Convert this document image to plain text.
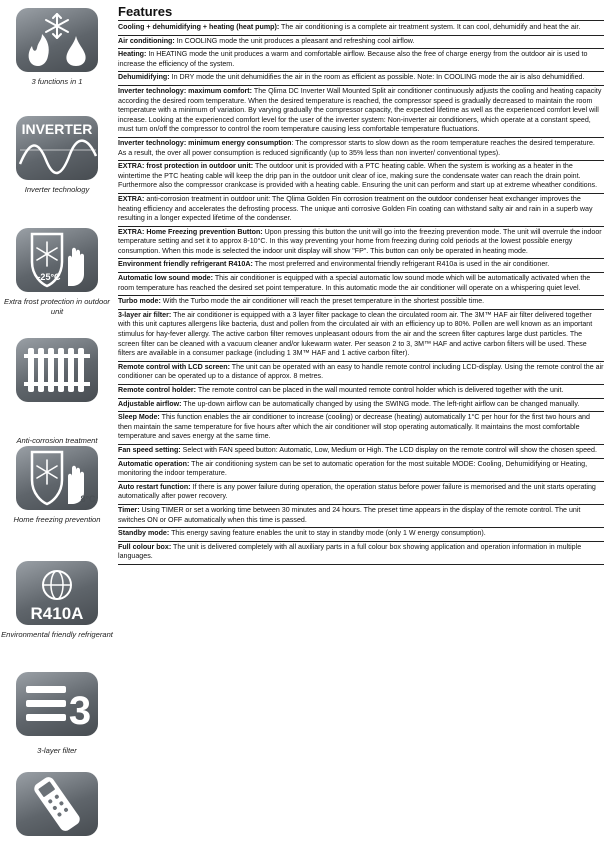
3 functions in 1
INVERTER
Inverter technology
-25°C
Extra frost protection in outdoor unit
Anti-corrosion treatment
8°C
Home freezing prevention
R410A
Environmental friendly refrigerant
3
3-layer filter
Features
Cooling + dehumidifying + heating (heat pump): The air conditioning is a complete air treatment system. It can cool, dehumidify and heat the air.
Air conditioning: In COOLING mode the unit produces a pleasant and refreshing cool airflow.
Heating: In HEATING mode the unit produces a warm and comfortable airflow. Because also the free of charge energy from the outdoor air is used to increase the efficiency of the system.
Dehumidifying: In DRY mode the unit dehumidifies the air in the room as efficient as possible. Note: In COOLING mode the air is also dehumidified.
Inverter technology: maximum comfort: The Qlima DC Inverter Wall Mounted Split air conditioner continuously adjusts the cooling and heating capacity according the desired room temperature. When the desired temperature is reached, the compressor speed is gradually decreased to maintain the room temperature with a minimum of variation. By varying gradually the compressor capacity, the expected lifetime as well as the experienced comfort level will increase. Looking at the experienced comfort level for the user of the inverter system: Non-inverter air conditioners, which operate at a constant speed, must turn on/off the compressor to control the room temperature causing less comfortable temperature fluctuations.
Inverter technology: minimum energy consumption: The compressor starts to slow down as the room temperature reaches the desired temperature. As a result, the over all power consumption is reduced significantly (up to 35% less than non inverter/ conventional types).
EXTRA: frost protection in outdoor unit: The outdoor unit is provided with a PTC heating cable. When the system is working as a heater in the wintertime the PTC heating cable will keep the drip pan in the outdoor unit clear of ice, making sure the condensate water can reach the drain point. Furthermore also the compressor crankcase is provided with a heating cable. Ensuring the unit can perform and start up at extreme wheather conditions.
EXTRA: anti-corrosion treatment in outdoor unit: The Qlima Golden Fin corrosion treatment on the outdoor condenser heat exchanger improves the heating efficiency and accelerates the defrosting process. The unique anti corrosive Golden Fin coating can withstand salty air and rain in a superb way resulting in a longer expected lifetime of the condenser.
EXTRA: Home Freezing prevention Button: Upon pressing this button the unit will go into the freezing prevention mode. The unit will overrule the indoor temperature setting and set it to approx 8-10°C. In this way preventing your home from freezing during cold periods at the lowest possible energy consumption. When this mode is selected the indoor unit display will show "FP". This button can only be operated in heating mode.
Environment friendly refrigerant R410A: The most preferred and environmental friendly refrigerant R410a is used in the air conditioner.
Automatic low sound mode: This air conditioner is equipped with a special automatic low sound mode which will be automatically activated when the room temperature has reached the desired set point temperature. In this automatic mode the air conditioner will operate on a whispering quiet level.
Turbo mode: With the Turbo mode the air conditioner will reach the preset temperature in the shortest possible time.
3-layer air filter: The air conditioner is equipped with a 3 layer filter package to clean the circulated room air. The 3M™ HAF air filter delivered together with this unit captures allergens like bacteria, dust and pollen from the circulated air with an efficiency up to 80%. Pollen are well known as an important stimulus for hay-fever allergy. The active carbon filter removes unpleasant odours from the air and the screen filter captures large dust particles. The screen filter can be cleaned with a vacuum cleaner and/or lukewarm water. Per season 2 to 3, 3M™ HAF and active carbon filters will be used. These filters are available in a consumer package (including 1 3M™ HAF and 1 active carbon filter).
Remote control with LCD screen: The unit can be operated with an easy to handle remote control including LCD-display. Using the remote control the air conditioner can be operated up to a distance of approx. 8 metres.
Remote control holder: The remote control can be placed in the wall mounted remote control holder which is delivered together with the unit.
Adjustable airflow: The up-down airflow can be automatically changed by using the SWING mode. The left-right airflow can be changed manually.
Sleep Mode: This function enables the air conditioner to increase (cooling) or decrease (heating) automatically 1°C per hour for the first two hours and then maintain the same temperature for five hours after which the air conditioner will stop operating automatically. It maintains the most comfortable temperature and saves energy at the same time.
Fan speed setting: Select with FAN speed button: Automatic, Low, Medium or High. The LCD display on the remote control will show the chosen speed.
Automatic operation: The air conditioning system can be set to automatic operation for the most suitable MODE: Cooling, Dehumidifying or Heating, monitoring the indoor temperature.
Auto restart function: If there is any power failure during operation, the operation status before power failure is memorised and the unit starts operating automatically after power recovery.
Timer: Using TIMER or set a working time between 30 minutes and 24 hours. The preset time appears in the display of the remote control. The unit switches ON or OFF automatically when this time is passed.
Standby mode: This energy saving feature enables the unit to stay in standby mode (only 1 W energy consumption).
Full colour box: The unit is delivered completely with all auxiliary parts in a full colour box showing application and operation information in multiple languages.
